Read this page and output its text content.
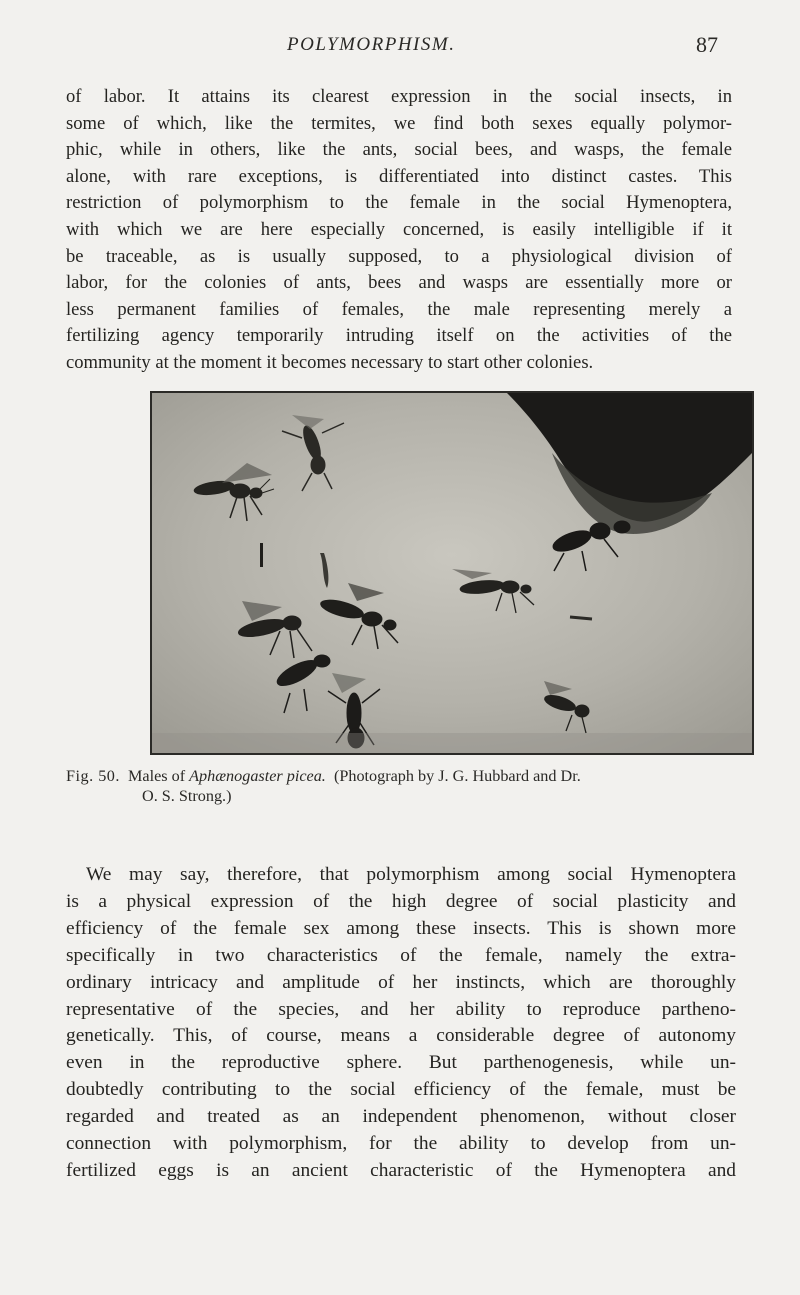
POLYMORPHISM.	87
of labor. It attains its clearest expression in the social insects, in
some of which, like the termites, we find both sexes equally polymor-
phic, while in others, like the ants, social bees, and wasps, the female
alone, with rare exceptions, is differentiated into distinct castes. This
restriction of polymorphism to the female in the social Hymenoptera,
with which we are here especially concerned, is easily intelligible if it
be traceable, as is usually supposed, to a physiological division of
labor, for the colonies of ants, bees and wasps are essentially more or
less permanent families of females, the male representing merely a
fertilizing agency temporarily intruding itself on the activities of the
community at the moment it becomes necessary to start other colonies.
Fig. 50. Males of Aphænogaster picea. (Photograph by J. G. Hubbard and Dr.
O. S. Strong.)
We may say, therefore, that polymorphism among social Hymenoptera
is a physical expression of the high degree of social plasticity and
efficiency of the female sex among these insects. This is shown more
specifically in two characteristics of the female, namely the extra-
ordinary intricacy and amplitude of her instincts, which are thoroughly
representative of the species, and her ability to reproduce partheno-
genetically. This, of course, means a considerable degree of autonomy
even in the reproductive sphere. But parthenogenesis, while un-
doubtedly contributing to the social efficiency of the female, must be
regarded and treated as an independent phenomenon, without closer
connection with polymorphism, for the ability to develop from un-
fertilized eggs is an ancient characteristic of the Hymenoptera and
